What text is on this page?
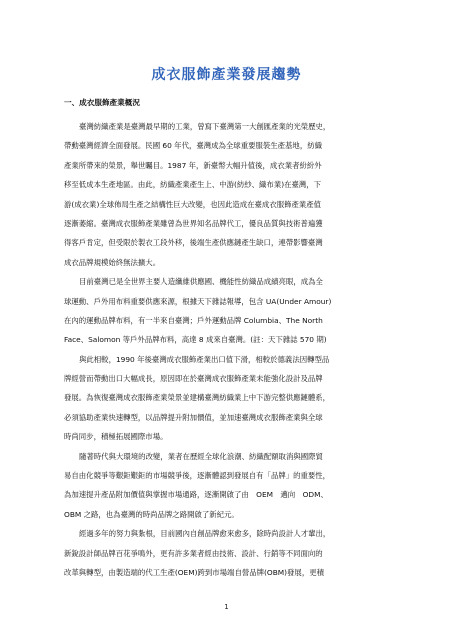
成衣服飾產業發展趨勢
一、成衣服飾產業概況
臺灣紡織產業是臺灣最早期的工業，曾寫下臺灣第一大創匯產業的光榮歷史，
帶動臺灣經濟全面發展。民國 60 年代，臺灣成為全球重要服裝生產基地，紡織
產業所帶來的榮景，舉世矚目。1987 年，新臺幣大幅升值後，成衣業者紛紛外
移至低成本生產地區。由此，紡織產業產生上、中游(紡紗、織布業)在臺灣，下
游(成衣業)全球佈局生產之結構性巨大改變，也因此造成在臺成衣服飾產業產值
逐漸萎縮。臺灣成衣服飾產業雖曾為世界知名品牌代工，優良品質與技術普遍獲
得客戶肯定，但受限於製衣工段外移，後端生產供應鏈產生缺口，連帶影響臺灣
成衣品牌規模始終無法擴大。
目前臺灣已是全世界主要人造纖維供應國、機能性紡織品成績亮眼，成為全
球運動、戶外用布料重要供應來源，根據天下雜誌報導，包含 UA(Under Amour)
在內的運動品牌布料，有一半來自臺灣；戶外運動品牌 Columbia、The North
Face、Salomon 等戶外品牌布料，高達 8 成來自臺灣。(註：天下雜誌 570 期)
與此相較，1990 年後臺灣成衣服飾產業出口值下滑，相較於德義法因轉型品
牌經營而帶動出口大幅成長，原因即在於臺灣成衣服飾產業未能強化設計及品牌
發展。為恢復臺灣成衣服飾產業榮景並建構臺灣紡織業上中下游完整供應鏈體系，
必須協助產業快速轉型，以品牌提升附加價值，並加速臺灣成衣服飾產業與全球
時尚同步，積極拓展國際市場。
隨著時代與大環境的改變，業者在歷經全球化浪潮、紡織配額取消與國際貿
易自由化競爭等艱鉅艱鉅的市場競爭後，逐漸體認到發展自有「品牌」的重要性，
為加速提升產品附加價值與掌握市場通路，逐漸開啟了由　OEM　邁向　ODM、
OBM 之路，也為臺灣的時尚品牌之路開啟了新紀元。
經過多年的努力與紮根，目前國內自創品牌愈來愈多，除時尚設計人才輩出，
新銳設計師品牌百花爭鳴外，更有許多業者經由技術、設計、行銷等不同面向的
改革與轉型，由製造端的代工生產(OEM)跨到市場端自營品牌(OBM)發展，更積
1
